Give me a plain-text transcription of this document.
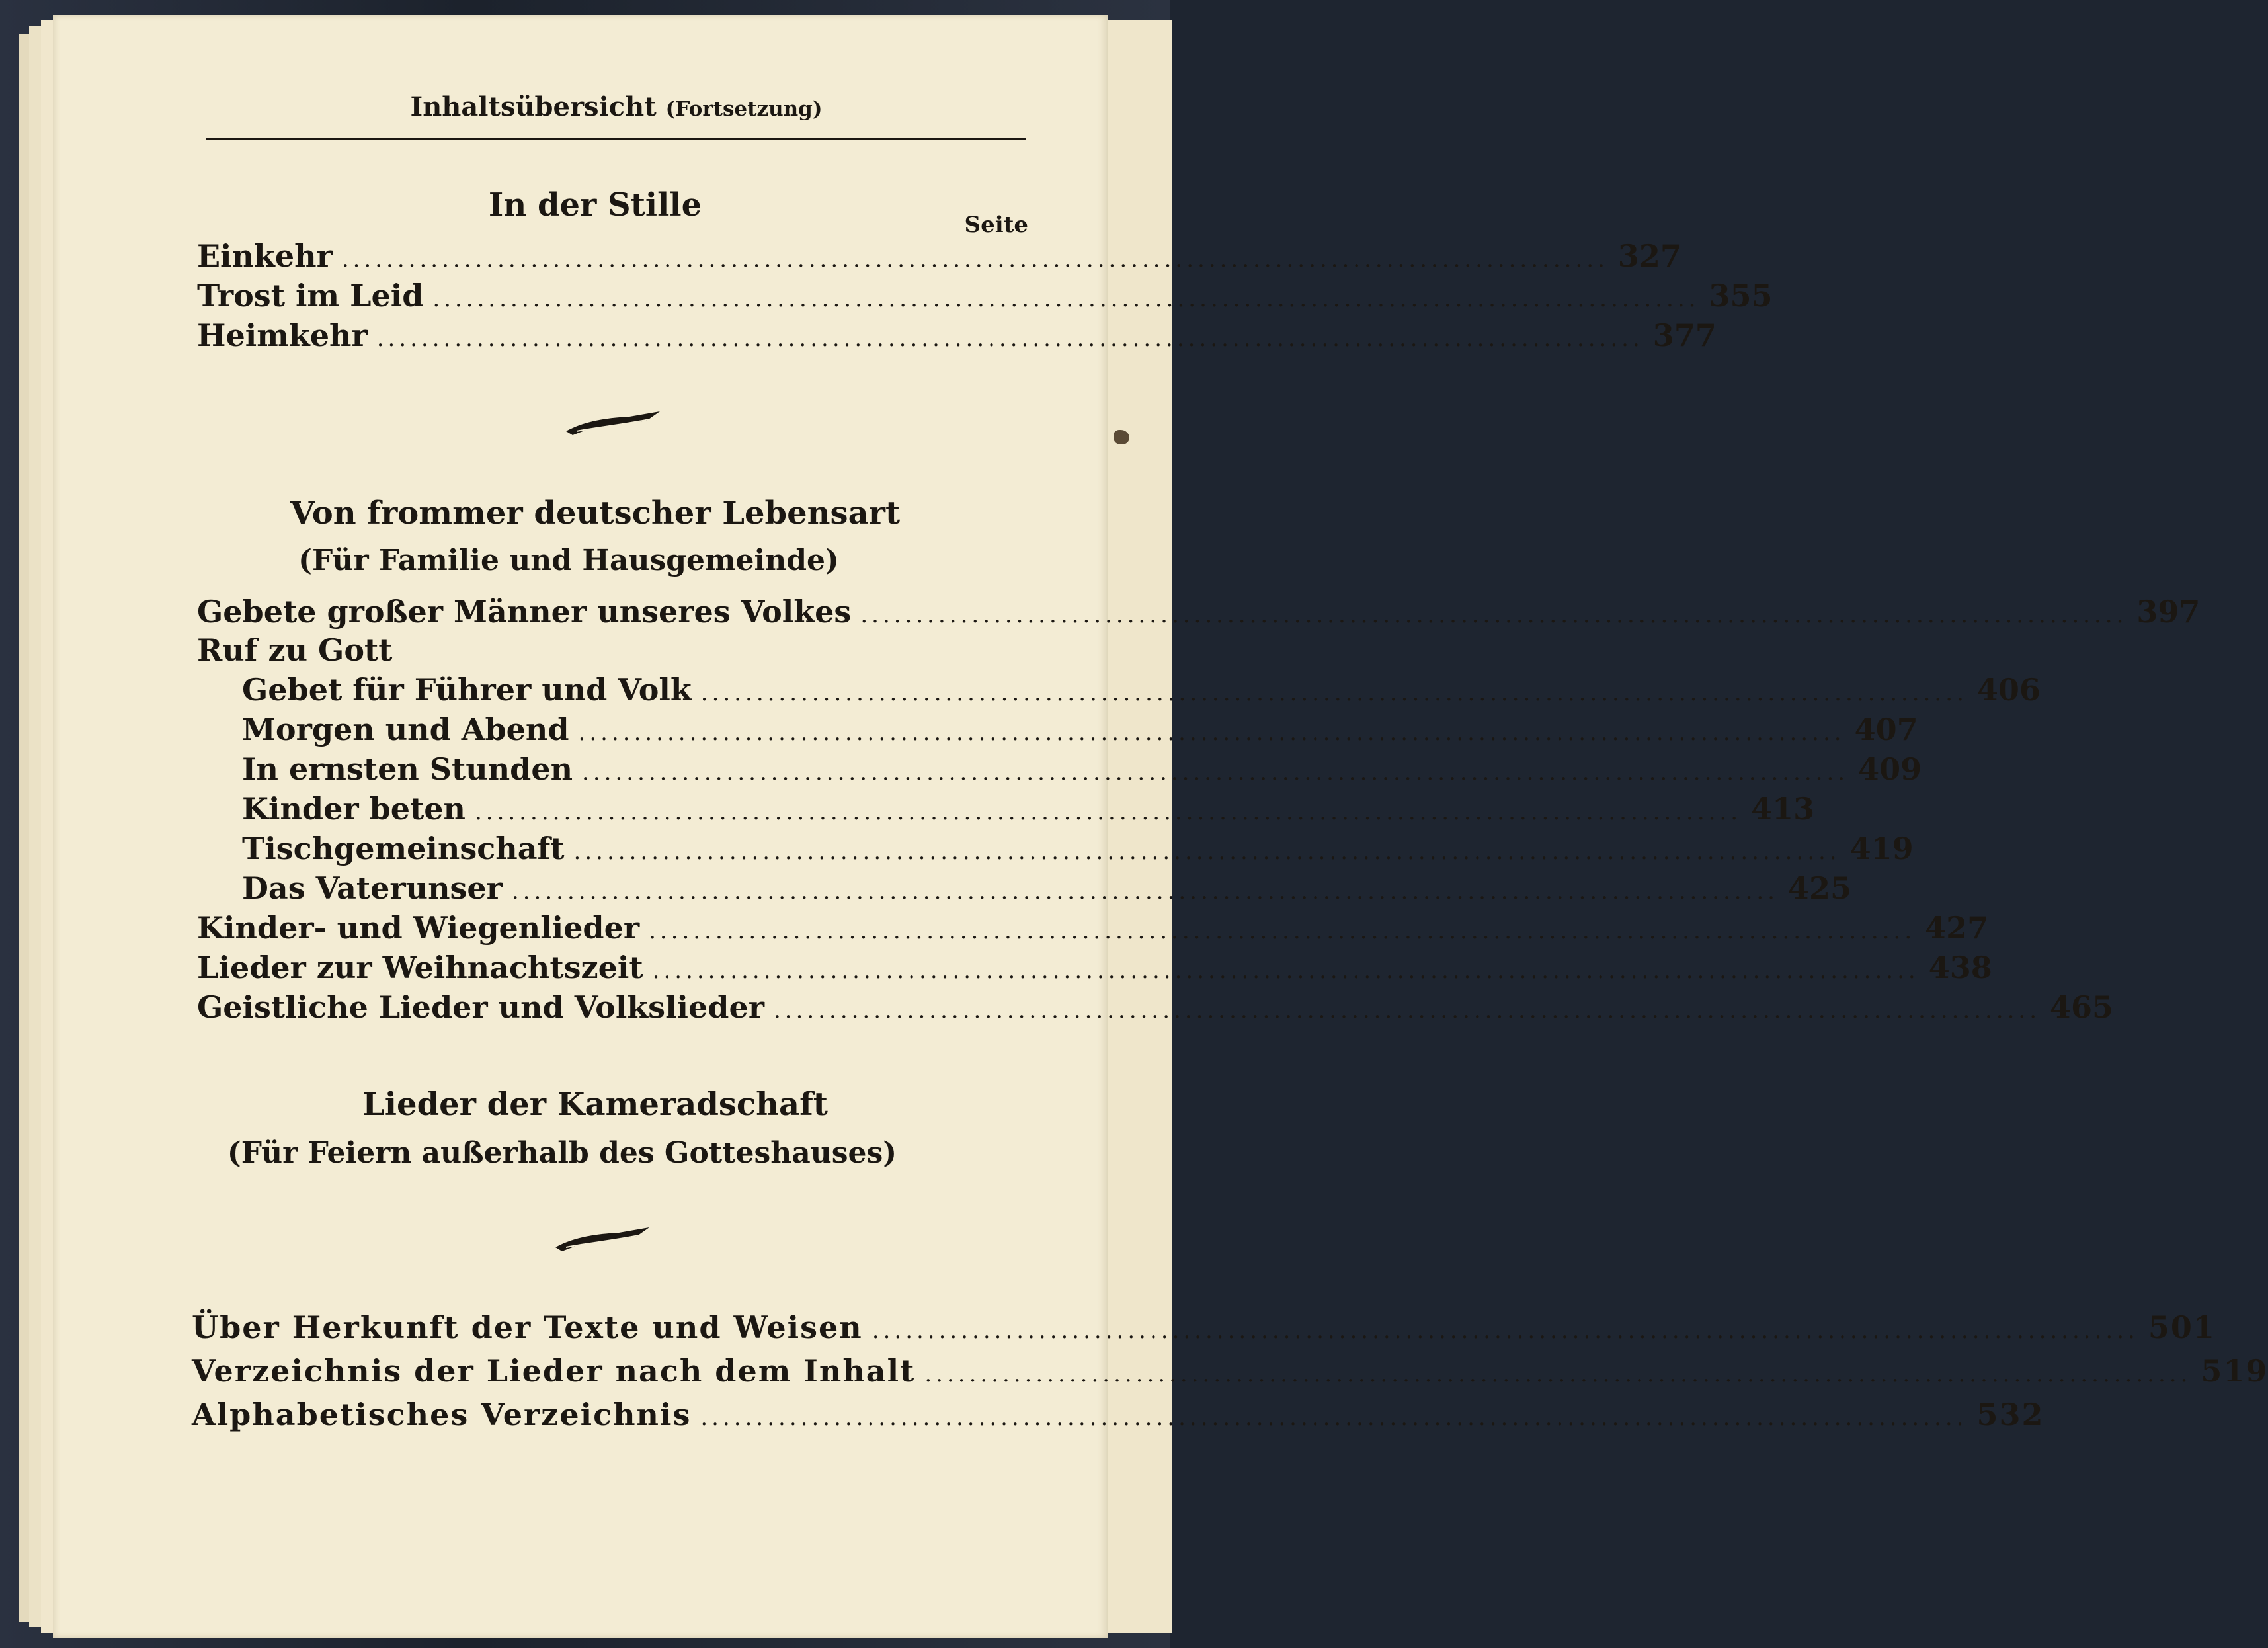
Inhaltsübersicht (Fortsetzung)
In der Stille
Seite
Einkehr .................................................................................................................. 327
Trost im Leid .................................................................................................................. 355
Heimkehr .................................................................................................................. 377
Von frommer deutscher Lebensart
(Für Familie und Hausgemeinde)
Gebete großer Männer unseres Volkes .................................................................................................................. 397
Ruf zu Gott
Gebet für Führer und Volk .................................................................................................................. 406
Morgen und Abend .................................................................................................................. 407
In ernsten Stunden .................................................................................................................. 409
Kinder beten .................................................................................................................. 413
Tischgemeinschaft .................................................................................................................. 419
Das Vaterunser .................................................................................................................. 425
Kinder- und Wiegenlieder .................................................................................................................. 427
Lieder zur Weihnachtszeit .................................................................................................................. 438
Geistliche Lieder und Volkslieder .................................................................................................................. 465
Lieder der Kameradschaft
(Für Feiern außerhalb des Gotteshauses)
Über Herkunft der Texte und Weisen .................................................................................................................. 501
Verzeichnis der Lieder nach dem Inhalt .................................................................................................................. 519
Alphabetisches Verzeichnis .................................................................................................................. 532
